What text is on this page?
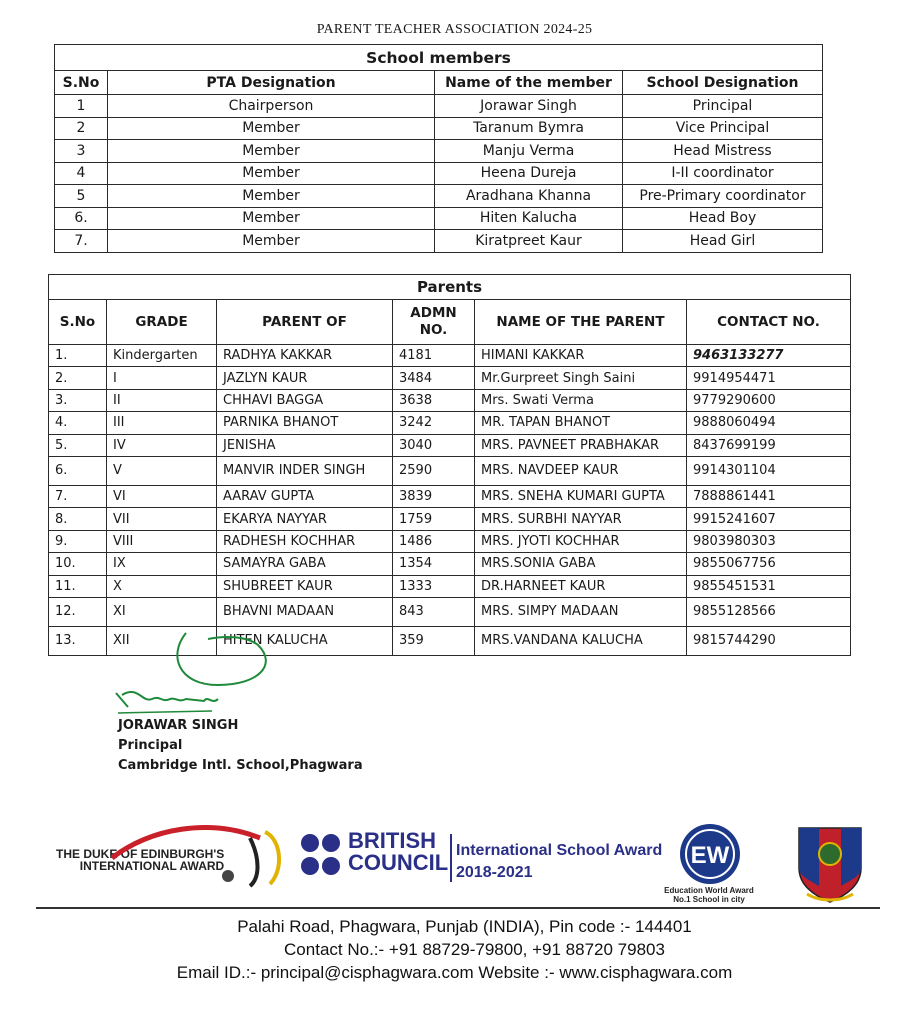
PARENT TEACHER ASSOCIATION 2024-25
School members			
S.No	PTA Designation	Name of the member	School Designation
1	Chairperson	Jorawar Singh	Principal
2	Member	Taranum Bymra	Vice Principal
3	Member	Manju Verma	Head Mistress
4	Member	Heena Dureja	I-II coordinator
5	Member	Aradhana Khanna	Pre-Primary coordinator
6.	Member	Hiten Kalucha	Head Boy
7.	Member	Kiratpreet Kaur	Head Girl
Parents					
S.No	GRADE	PARENT OF	ADMN NO.	NAME OF THE PARENT	CONTACT NO.
1.	Kindergarten	RADHYA KAKKAR	4181	HIMANI KAKKAR	9463133277
2.	I	JAZLYN KAUR	3484	Mr.Gurpreet Singh Saini	9914954471
3.	II	CHHAVI BAGGA	3638	Mrs. Swati Verma	9779290600
4.	III	PARNIKA BHANOT	3242	MR. TAPAN BHANOT	9888060494
5.	IV	JENISHA	3040	MRS. PAVNEET PRABHAKAR	8437699199
6.	V	MANVIR INDER SINGH	2590	MRS. NAVDEEP KAUR	9914301104
7.	VI	AARAV GUPTA	3839	MRS. SNEHA KUMARI GUPTA	7888861441
8.	VII	EKARYA NAYYAR	1759	MRS. SURBHI NAYYAR	9915241607
9.	VIII	RADHESH KOCHHAR	1486	MRS. JYOTI KOCHHAR	9803980303
10.	IX	SAMAYRA GABA	1354	MRS.SONIA GABA	9855067756
11.	X	SHUBREET KAUR	1333	DR.HARNEET KAUR	9855451531
12.	XI	BHAVNI MADAAN	843	MRS. SIMPY MADAAN	9855128566
13.	XII	HITEN KALUCHA	359	MRS.VANDANA KALUCHA	9815744290
JORAWAR SINGH
Principal
Cambridge Intl. School,Phagwara
THE DUKE OF EDINBURGH'S
INTERNATIONAL AWARD
BRITISH
COUNCIL International School Award
2018-2021
EW
Education World Award
No.1 School in city
Palahi Road, Phagwara, Punjab (INDIA), Pin code :- 144401
Contact No.:- +91 88729-79800, +91 88720 79803
Email ID.:- principal@cisphagwara.com Website :- www.cisphagwara.com
